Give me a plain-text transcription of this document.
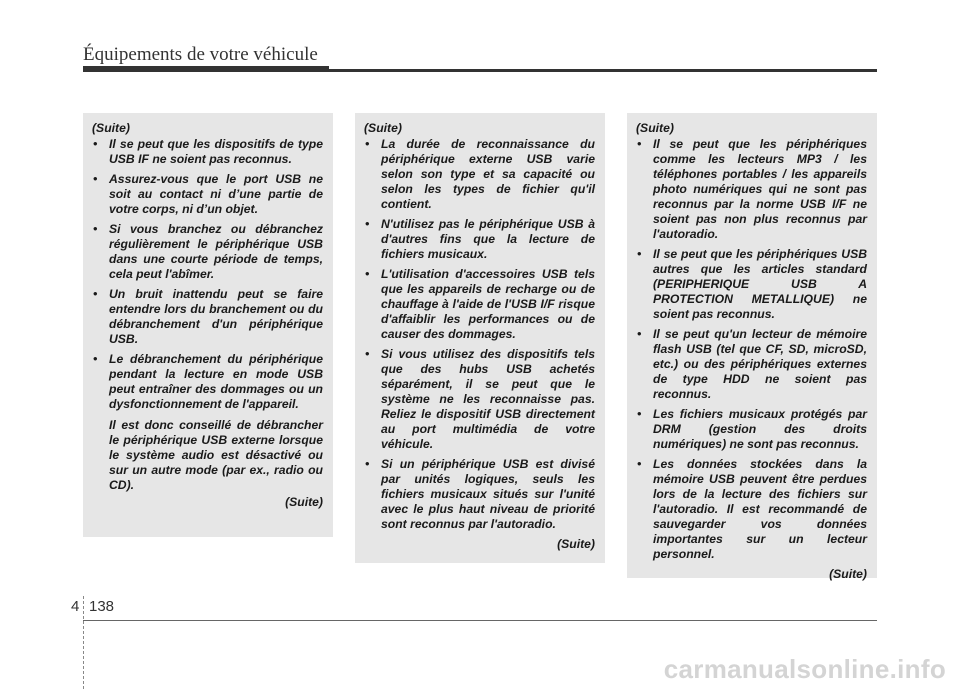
Équipements de votre véhicule
(Suite)
• Il se peut que les dispositifs de type USB IF ne soient pas reconnus.
• Assurez-vous que le port USB ne soit au contact ni d’une partie de votre corps, ni d’un objet.
• Si vous branchez ou débranchez régulièrement le périphérique USB dans une courte période de temps, cela peut l'abîmer.
• Un bruit inattendu peut se faire entendre lors du branchement ou du débranchement d'un périphérique USB.
• Le débranchement du périphérique pendant la lecture en mode USB peut entraîner des dommages ou un dysfonctionnement de l'appareil.
Il est donc conseillé de débrancher le périphérique USB externe lorsque le système audio est désactivé ou sur un autre mode (par ex., radio ou CD).
(Suite)
(Suite)
• La durée de reconnaissance du périphérique externe USB varie selon son type et sa capacité ou selon les types de fichier qu'il contient.
• N'utilisez pas le périphérique USB à d'autres fins que la lecture de fichiers musicaux.
• L'utilisation d'accessoires USB tels que les appareils de recharge ou de chauffage à l'aide de l'USB I/F risque d'affaiblir les performances ou de causer des dommages.
• Si vous utilisez des dispositifs tels que des hubs USB achetés séparément, il se peut que le système ne les reconnaisse pas. Reliez le dispositif USB directement au port multimédia de votre véhicule.
• Si un périphérique USB est divisé par unités logiques, seuls les fichiers musicaux situés sur l'unité avec le plus haut niveau de priorité sont reconnus par l'autoradio.
(Suite)
(Suite)
• Il se peut que les périphériques comme les lecteurs MP3 / les téléphones portables / les appareils photo numériques qui ne sont pas reconnus par la norme USB I/F ne soient pas non plus reconnus par l'autoradio.
• Il se peut que les périphériques USB autres que les articles standard (PERIPHERIQUE USB A PROTECTION METALLIQUE) ne soient pas reconnus.
• Il se peut qu'un lecteur de mémoire flash USB (tel que CF, SD, microSD, etc.) ou des périphériques externes de type HDD ne soient pas reconnus.
• Les fichiers musicaux protégés par DRM (gestion des droits numériques) ne sont pas reconnus.
• Les données stockées dans la mémoire USB peuvent être perdues lors de la lecture des fichiers sur l'autoradio. Il est recommandé de sauvegarder vos données importantes sur un lecteur personnel.
(Suite)
4 138
carmanualsonline.info
